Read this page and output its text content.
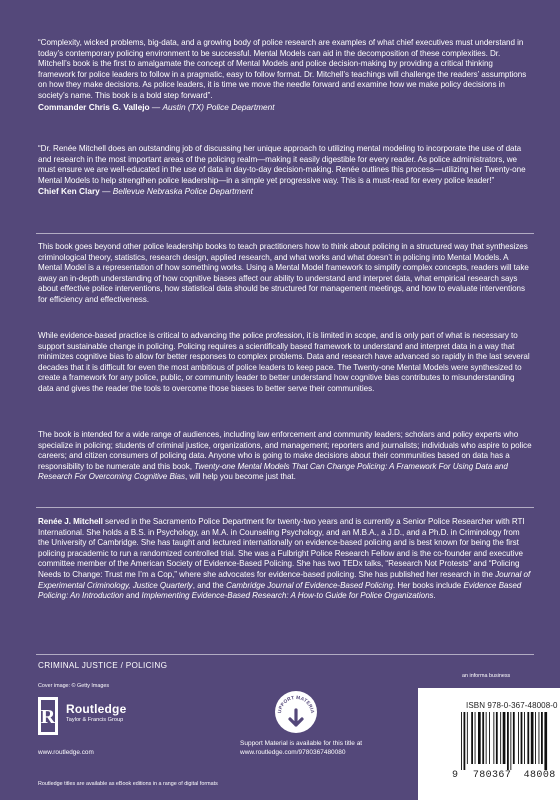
“Complexity, wicked problems, big-data, and a growing body of police research are examples of what chief executives must understand in today’s contemporary policing environment to be successful. Mental Models can aid in the decomposition of these complexities. Dr. Mitchell’s book is the first to amalgamate the concept of Mental Models and police decision-making by providing a critical thinking framework for police leaders to follow in a pragmatic, easy to follow format. Dr. Mitchell’s teachings will challenge the readers’ assumptions on how they make decisions. As police leaders, it is time we move the needle forward and examine how we make policy decisions in society’s name. This book is a bold step forward”.

Commander Chris G. Vallejo — Austin (TX) Police Department

“Dr. Renée Mitchell does an outstanding job of discussing her unique approach to utilizing mental modeling to incorporate the use of data and research in the most important areas of the policing realm—making it easily digestible for every reader. As police administrators, we must ensure we are well-educated in the use of data in day-to-day decision-making. Renée outlines this process—utilizing her Twenty-one Mental Models to help strengthen police leadership—in a simple yet progressive way. This is a must-read for every police leader!”

Chief Ken Clary — Bellevue Nebraska Police Department

This book goes beyond other police leadership books to teach practitioners how to think about policing in a structured way that synthesizes criminological theory, statistics, research design, applied research, and what works and what doesn’t in policing into Mental Models. A Mental Model is a representation of how something works. Using a Mental Model framework to simplify complex concepts, readers will take away an in-depth understanding of how cognitive biases affect our ability to understand and interpret data, what empirical research says about effective police interventions, how statistical data should be structured for management meetings, and how to evaluate interventions for efficiency and effectiveness.

While evidence-based practice is critical to advancing the police profession, it is limited in scope, and is only part of what is necessary to support sustainable change in policing. Policing requires a scientifically based framework to understand and interpret data in a way that minimizes cognitive bias to allow for better responses to complex problems. Data and research have advanced so rapidly in the last several decades that it is difficult for even the most ambitious of police leaders to keep pace. The Twenty-one Mental Models were synthesized to create a framework for any police, public, or community leader to better understand how cognitive bias contributes to misunderstanding data and gives the reader the tools to overcome those biases to better serve their communities.

The book is intended for a wide range of audiences, including law enforcement and community leaders; scholars and policy experts who specialize in policing; students of criminal justice, organizations, and management; reporters and journalists; individuals who aspire to police careers; and citizen consumers of policing data. Anyone who is going to make decisions about their communities based on data has a responsibility to be numerate and this book, Twenty-one Mental Models That Can Change Policing: A Framework For Using Data and Research For Overcoming Cognitive Bias, will help you become just that.

Renée J. Mitchell served in the Sacramento Police Department for twenty-two years and is currently a Senior Police Researcher with RTI International. She holds a B.S. in Psychology, an M.A. in Counseling Psychology, and an M.B.A., a J.D., and a Ph.D. in Criminology from the University of Cambridge. She has taught and lectured internationally on evidence-based policing and is best known for being the first policing pracademic to run a randomized controlled trial. She was a Fulbright Police Research Fellow and is the co-founder and executive committee member of the American Society of Evidence-Based Policing. She has two TEDx talks, “Research Not Protests” and “Policing Needs to Change: Trust me I’m a Cop,” where she advocates for evidence-based policing. She has published her research in the Journal of Experimental Criminology, Justice Quarterly, and the Cambridge Journal of Evidence-Based Policing. Her books include Evidence Based Policing: An Introduction and Implementing Evidence-Based Research: A How-to Guide for Police Organizations.

CRIMINAL JUSTICE / POLICING
Cover image: © Getty Images
R Routledge
Taylor & Francis Group
www.routledge.com
UPPORT MATERIA
Support Material is available for this title at
www.routledge.com/9780367480080
an informa business
ISBN 978-0-367-48008-0
9 780367 48008
Routledge titles are available as eBook editions in a range of digital formats
